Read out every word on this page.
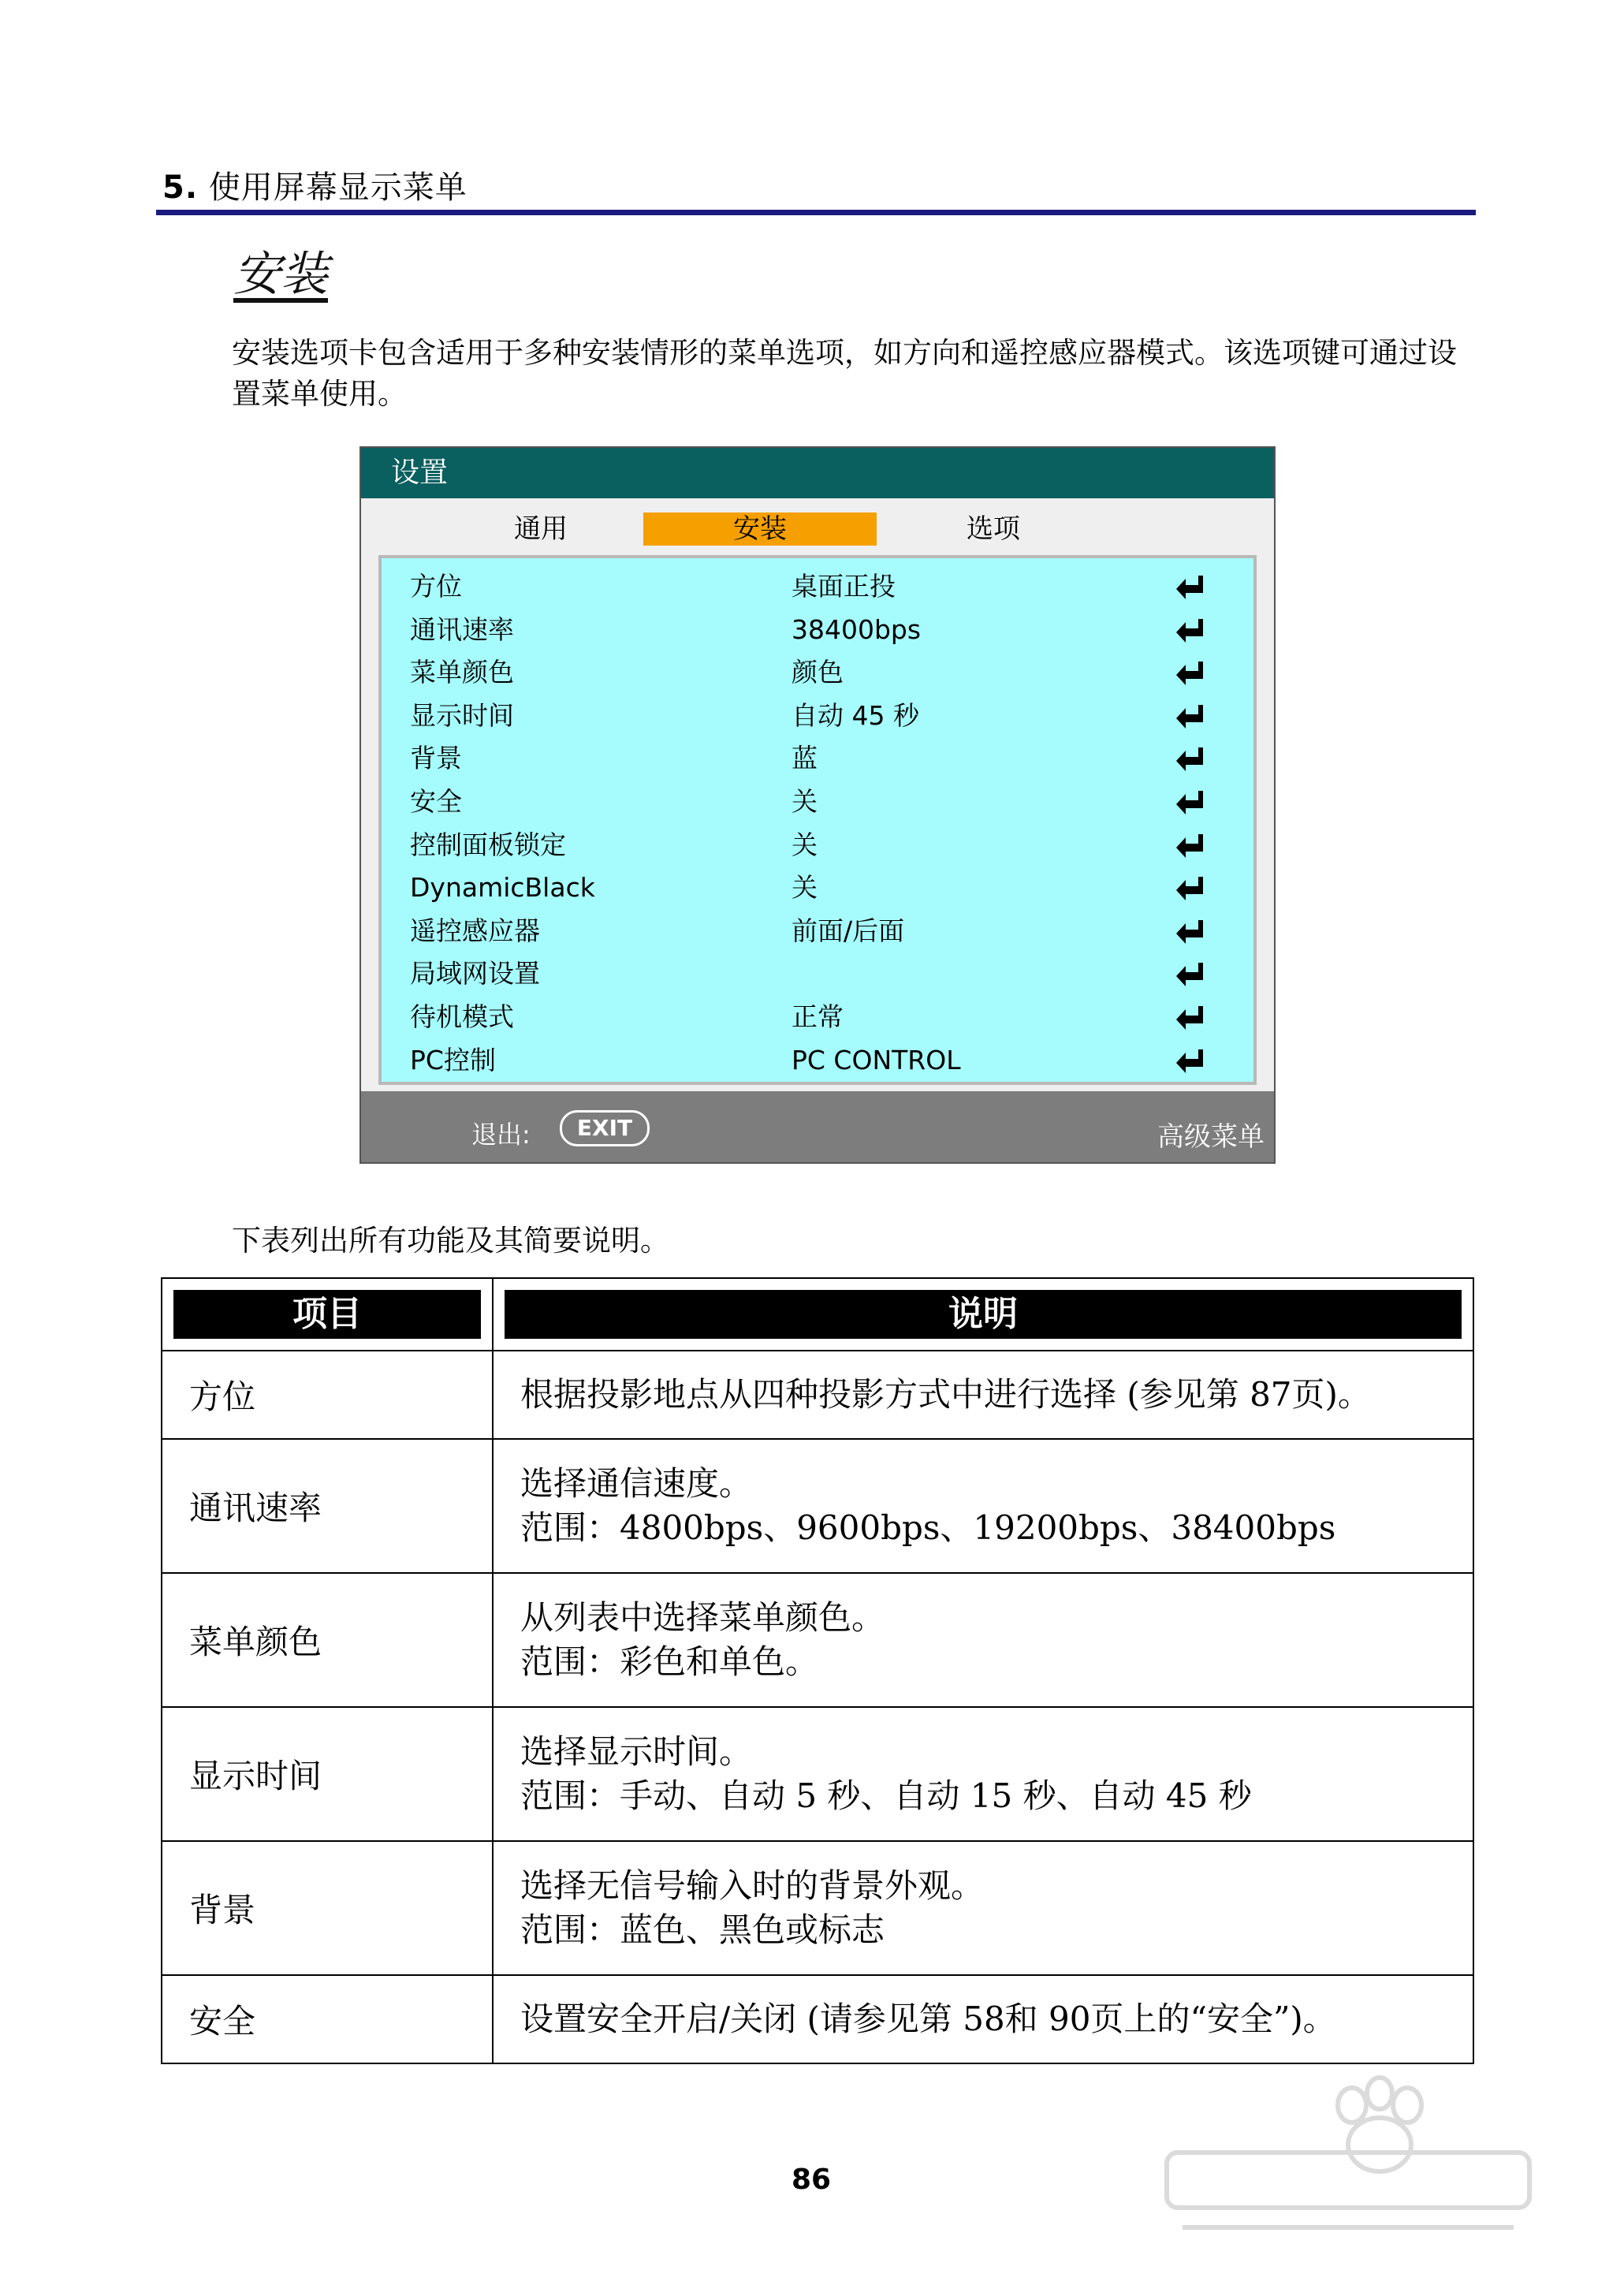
5. 使用屏幕显示菜单
安装
安装选项卡包含适用于多种安装情形的菜单选项，如方向和遥控感应器模式。该选项键可通过设置菜单使用。
设置
通用	安装	选项
方位	桌面正投
通讯速率	38400bps
菜单颜色	颜色
显示时间	自动 45 秒
背景	蓝
安全	关
控制面板锁定	关
DynamicBlack	关
遥控感应器	前面/后面
局域网设置
待机模式	正常
PC控制	PC CONTROL
退出:	EXIT	高级菜单
下表列出所有功能及其简要说明。
项目	说明

方位	根据投影地点从四种投影方式中进行选择 (参见第 87页)。

通讯速率	选择通信速度。
范围：4800bps、9600bps、19200bps、38400bps

菜单颜色	从列表中选择菜单颜色。
范围：彩色和单色。

显示时间	选择显示时间。
范围：手动、自动 5 秒、自动 15 秒、自动 45 秒

背景	选择无信号输入时的背景外观。
范围：蓝色、黑色或标志

安全	设置安全开启/关闭 (请参见第 58和 90页上的“安全”)。
86
